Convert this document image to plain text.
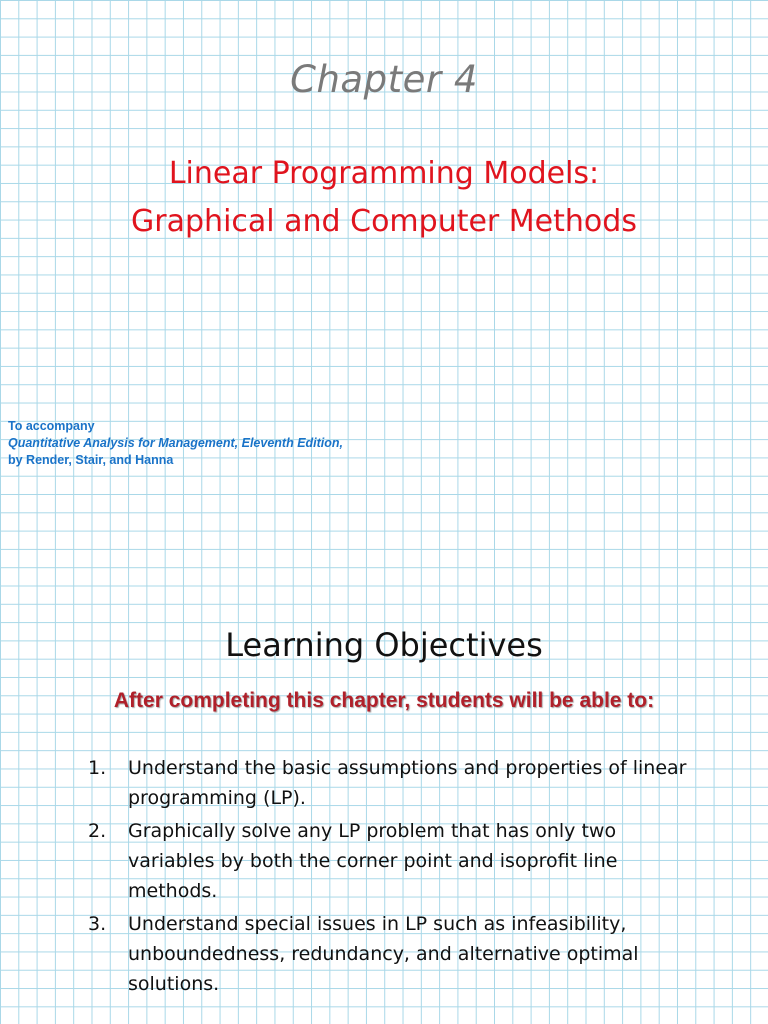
Chapter 4
Linear Programming Models:
Graphical and Computer Methods
To accompany
Quantitative Analysis for Management, Eleventh Edition,
by Render, Stair, and Hanna
Learning Objectives
After completing this chapter, students will be able to:
1.	Understand the basic assumptions and properties of linear programming (LP).
2.	Graphically solve any LP problem that has only two variables by both the corner point and isoprofit line methods.
3.	Understand special issues in LP such as infeasibility, unboundedness, redundancy, and alternative optimal solutions.
